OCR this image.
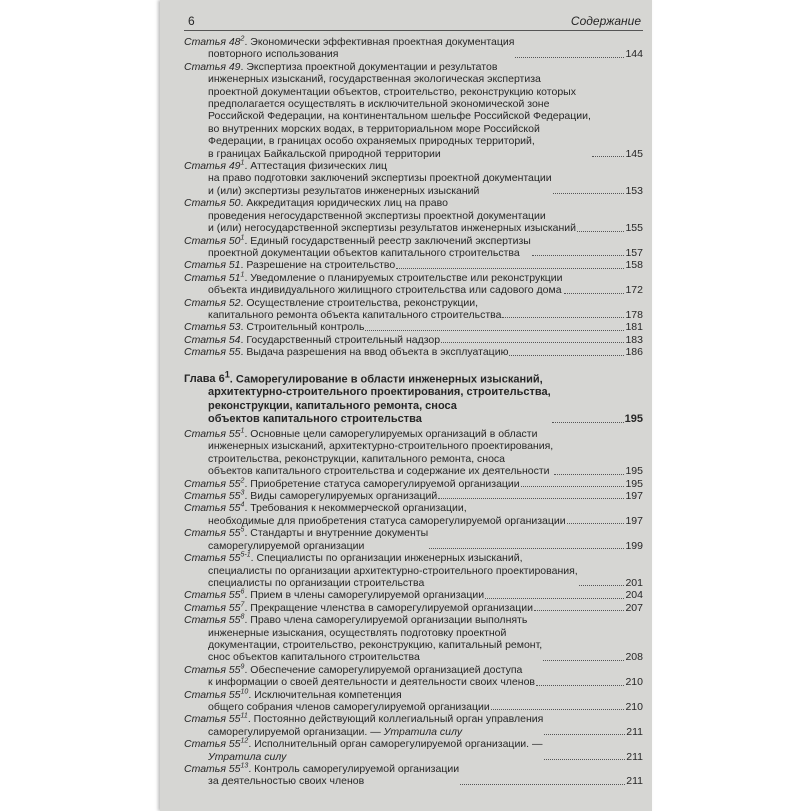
6	Содержание
Статья $48^2$. Экономически эффективная проектная документация
повторного использования	144
Статья 49. Экспертиза проектной документации и результатов
инженерных изысканий, государственная экологическая экспертиза
проектной документации объектов, строительство, реконструкцию которых
предполагается осуществлять в исключительной экономической зоне
Российской Федерации, на континентальном шельфе Российской Федерации,
во внутренних морских водах, в территориальном море Российской
Федерации, в границах особо охраняемых природных территорий,
в границах Байкальской природной территории	145
Статья $49^1$. Аттестация физических лиц
на право подготовки заключений экспертизы проектной документации
и (или) экспертизы результатов инженерных изысканий	153
Статья 50. Аккредитация юридических лиц на право
проведения негосударственной экспертизы проектной документации
и (или) негосударственной экспертизы результатов инженерных изысканий	155
Статья $50^1$. Единый государственный реестр заключений экспертизы
проектной документации объектов капитального строительства	157
Статья 51. Разрешение на строительство	158
Статья $51^1$. Уведомление о планируемых строительстве или реконструкции
объекта индивидуального жилищного строительства или садового дома	172
Статья 52. Осуществление строительства, реконструкции,
капитального ремонта объекта капитального строительства	178
Статья 53. Строительный контроль	181
Статья 54. Государственный строительный надзор	183
Статья 55. Выдача разрешения на ввод объекта в эксплуатацию	186
Глава $6^1$. Саморегулирование в области инженерных изысканий,
архитектурно-строительного проектирования, строительства,
реконструкции, капитального ремонта, сноса
объектов капитального строительства	195
Статья $55^1$. Основные цели саморегулируемых организаций в области
инженерных изысканий, архитектурно-строительного проектирования,
строительства, реконструкции, капитального ремонта, сноса
объектов капитального строительства и содержание их деятельности	195
Статья $55^2$. Приобретение статуса саморегулируемой организации	195
Статья $55^3$. Виды саморегулируемых организаций	197
Статья $55^4$. Требования к некоммерческой организации,
необходимые для приобретения статуса саморегулируемой организации	197
Статья $55^5$. Стандарты и внутренние документы
саморегулируемой организации	199
Статья 55$^{5-1}$. Специалисты по организации инженерных изысканий,
специалисты по организации архитектурно-строительного проектирования,
специалисты по организации строительства	201
Статья $55^6$. Прием в члены саморегулируемой организации	204
Статья $55^7$. Прекращение членства в саморегулируемой организации	207
Статья $55^8$. Право члена саморегулируемой организации выполнять
инженерные изыскания, осуществлять подготовку проектной
документации, строительство, реконструкцию, капитальный ремонт,
снос объектов капитального строительства	208
Статья $55^9$. Обеспечение саморегулируемой организацией доступа
к информации о своей деятельности и деятельности своих членов	210
Статья $55^{10}$. Исключительная компетенция
общего собрания членов саморегулируемой организации	210
Статья $55^{11}$. Постоянно действующий коллегиальный орган управления
саморегулируемой организации. — Утратила силу	211
Статья $55^{12}$. Исполнительный орган саморегулируемой организации. —
Утратила силу	211
Статья $55^{13}$. Контроль саморегулируемой организации
за деятельностью своих членов	211
